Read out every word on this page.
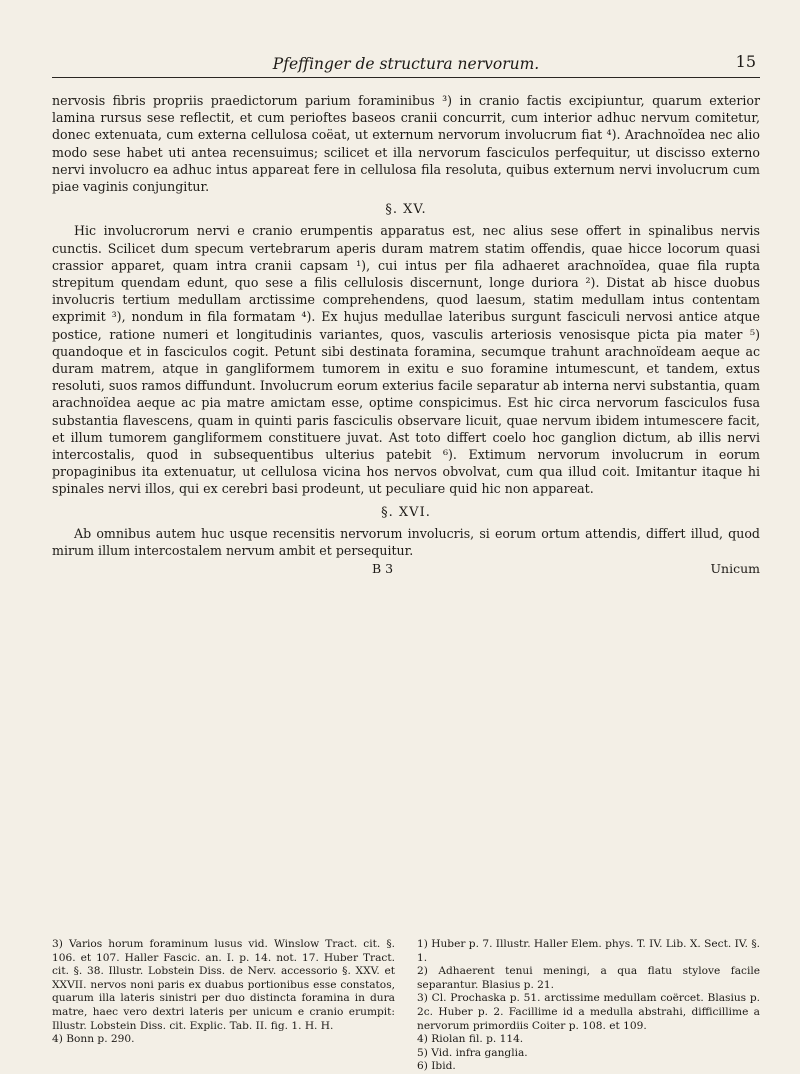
Pfeffinger de structura nervorum.	15

nervosis fibris propriis praedictorum parium foraminibus ³) in cranio factis excipiuntur, quarum exterior lamina rursus sese reflectit, et cum perioftes baseos cranii concurrit, cum interior adhuc nervum comitetur, donec extenuata, cum externa cellulosa coëat, ut externum nervorum involucrum fiat ⁴). Arachnoïdea nec alio modo sese habet uti antea recensuimus; scilicet et illa nervorum fasciculos perfequitur, ut discisso externo nervi involucro ea adhuc intus appareat fere in cellulosa fila resoluta, quibus externum nervi involucrum cum piae vaginis conjungitur.

§. XV.

Hic involucrorum nervi e cranio erumpentis apparatus est, nec alius sese offert in spinalibus nervis cunctis. Scilicet dum specum vertebrarum aperis duram matrem statim offendis, quae hicce locorum quasi crassior apparet, quam intra cranii capsam ¹), cui intus per fila adhaeret arachnoïdea, quae fila rupta strepitum quendam edunt, quo sese a filis cellulosis discernunt, longe duriora ²). Distat ab hisce duobus involucris tertium medullam arctissime comprehendens, quod laesum, statim medullam intus contentam exprimit ³), nondum in fila formatam ⁴). Ex hujus medullae lateribus surgunt fasciculi nervosi antice atque postice, ratione numeri et longitudinis variantes, quos, vasculis arteriosis venosisque picta pia mater ⁵) quandoque et in fasciculos cogit. Petunt sibi destinata foramina, secumque trahunt arachnoïdeam aeque ac duram matrem, atque in gangliformem tumorem in exitu e suo foramine intumescunt, et tandem, extus resoluti, suos ramos diffundunt. Involucrum eorum exterius facile separatur ab interna nervi substantia, quam arachnoïdea aeque ac pia matre amictam esse, optime conspicimus. Est hic circa nervorum fasciculos fusa substantia flavescens, quam in quinti paris fasciculis observare licuit, quae nervum ibidem intumescere facit, et illum tumorem gangliformem constituere juvat. Ast toto differt coelo hoc ganglion dictum, ab illis nervi intercostalis, quod in subsequentibus ulterius patebit ⁶). Extimum nervorum involucrum in eorum propaginibus ita extenuatur, ut cellulosa vicina hos nervos obvolvat, cum qua illud coit. Imitantur itaque hi spinales nervi illos, qui ex cerebri basi prodeunt, ut peculiare quid hic non appareat.

§. XVI.

Ab omnibus autem huc usque recensitis nervorum involucris, si eorum ortum attendis, differt illud, quod mirum illum intercostalem nervum ambit et persequitur.

B 3	Unicum
3) Varios horum foraminum lusus vid. Winslow Tract. cit. §. 106. et 107. Haller Fascic. an. I. p. 14. not. 17. Huber Tract. cit. §. 38. Illustr. Lobstein Diss. de Nerv. accessorio §. XXV. et XXVII. nervos noni paris ex duabus portionibus esse constatos, quarum illa lateris sinistri per duo distincta foramina in dura matre, haec vero dextri lateris per unicum e cranio erumpit: Illustr. Lobstein Diss. cit. Explic. Tab. II. fig. 1. H. H.
4) Bonn p. 290.
1) Huber p. 7. Illustr. Haller Elem. phys. T. IV. Lib. X. Sect. IV. §. 1.
2) Adhaerent tenui meningi, a qua flatu stylove facile separantur. Blasius p. 21.
3) Cl. Prochaska p. 51. arctissime medullam coërcet. Blasius p. 2c. Huber p. 2. Facillime id a medulla abstrahi, difficillime a nervorum primordiis Coiter p. 108. et 109.
4) Riolan fil. p. 114.
5) Vid. infra ganglia.
6) Ibid.
